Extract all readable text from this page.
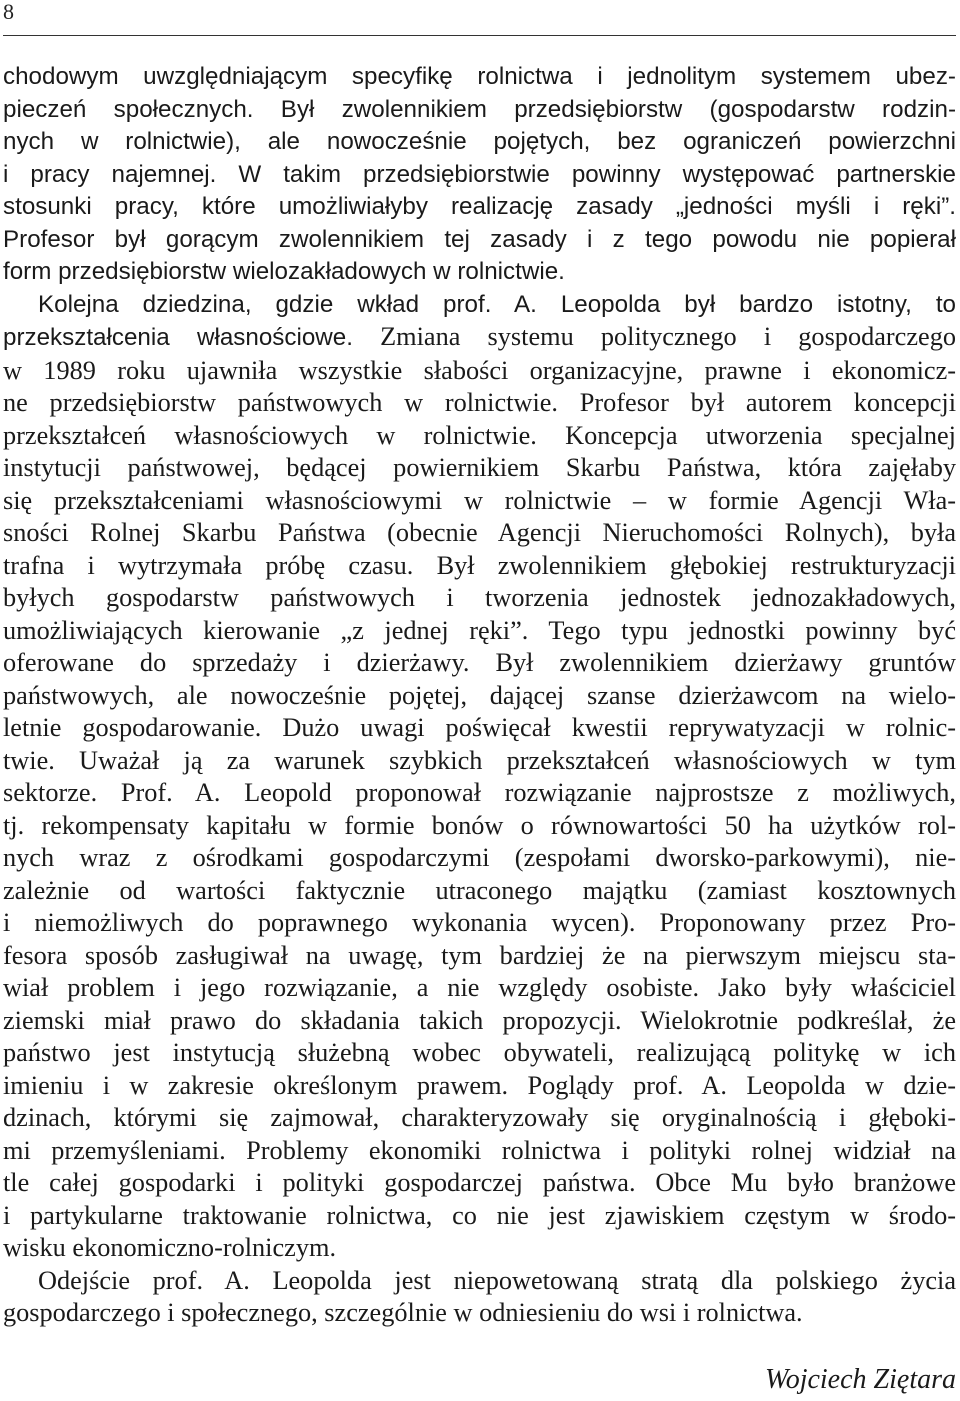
8
chodowym uwzględniającym specyfikę rolnictwa i jednolitym systemem ubez-
pieczeń społecznych. Był zwolennikiem przedsiębiorstw (gospodarstw rodzin-
nych w rolnictwie), ale nowocześnie pojętych, bez ograniczeń powierzchni
i pracy najemnej. W takim przedsiębiorstwie powinny występować partnerskie
stosunki pracy, które umożliwiałyby realizację zasady „jedności myśli i ręki”.
Profesor był gorącym zwolennikiem tej zasady i z tego powodu nie popierał
form przedsiębiorstw wielozakładowych w rolnictwie.
Kolejna dziedzina, gdzie wkład prof. A. Leopolda był bardzo istotny, to
przekształcenia własnościowe. Zmiana systemu politycznego i gospodarczego
w 1989 roku ujawniła wszystkie słabości organizacyjne, prawne i ekonomicz-
ne przedsiębiorstw państwowych w rolnictwie. Profesor był autorem koncepcji
przekształceń własnościowych w rolnictwie. Koncepcja utworzenia specjalnej
instytucji państwowej, będącej powiernikiem Skarbu Państwa, która zajęłaby
się przekształceniami własnościowymi w rolnictwie – w formie Agencji Wła-
sności Rolnej Skarbu Państwa (obecnie Agencji Nieruchomości Rolnych), była
trafna i wytrzymała próbę czasu. Był zwolennikiem głębokiej restrukturyzacji
byłych gospodarstw państwowych i tworzenia jednostek jednozakładowych,
umożliwiających kierowanie „z jednej ręki”. Tego typu jednostki powinny być
oferowane do sprzedaży i dzierżawy. Był zwolennikiem dzierżawy gruntów
państwowych, ale nowocześnie pojętej, dającej szanse dzierżawcom na wielo-
letnie gospodarowanie. Dużo uwagi poświęcał kwestii reprywatyzacji w rolnic-
twie. Uważał ją za warunek szybkich przekształceń własnościowych w tym
sektorze. Prof. A. Leopold proponował rozwiązanie najprostsze z możliwych,
tj. rekompensaty kapitału w formie bonów o równowartości 50 ha użytków rol-
nych wraz z ośrodkami gospodarczymi (zespołami dworsko-parkowymi), nie-
zależnie od wartości faktycznie utraconego majątku (zamiast kosztownych
i niemożliwych do poprawnego wykonania wycen). Proponowany przez Pro-
fesora sposób zasługiwał na uwagę, tym bardziej że na pierwszym miejscu sta-
wiał problem i jego rozwiązanie, a nie względy osobiste. Jako były właściciel
ziemski miał prawo do składania takich propozycji. Wielokrotnie podkreślał, że
państwo jest instytucją służebną wobec obywateli, realizującą politykę w ich
imieniu i w zakresie określonym prawem. Poglądy prof. A. Leopolda w dzie-
dzinach, którymi się zajmował, charakteryzowały się oryginalnością i głęboki-
mi przemyśleniami. Problemy ekonomiki rolnictwa i polityki rolnej widział na
tle całej gospodarki i polityki gospodarczej państwa. Obce Mu było branżowe
i partykularne traktowanie rolnictwa, co nie jest zjawiskiem częstym w środo-
wisku ekonomiczno-rolniczym.
Odejście prof. A. Leopolda jest niepowetowaną stratą dla polskiego życia
gospodarczego i społecznego, szczególnie w odniesieniu do wsi i rolnictwa.
Wojciech Ziętara
